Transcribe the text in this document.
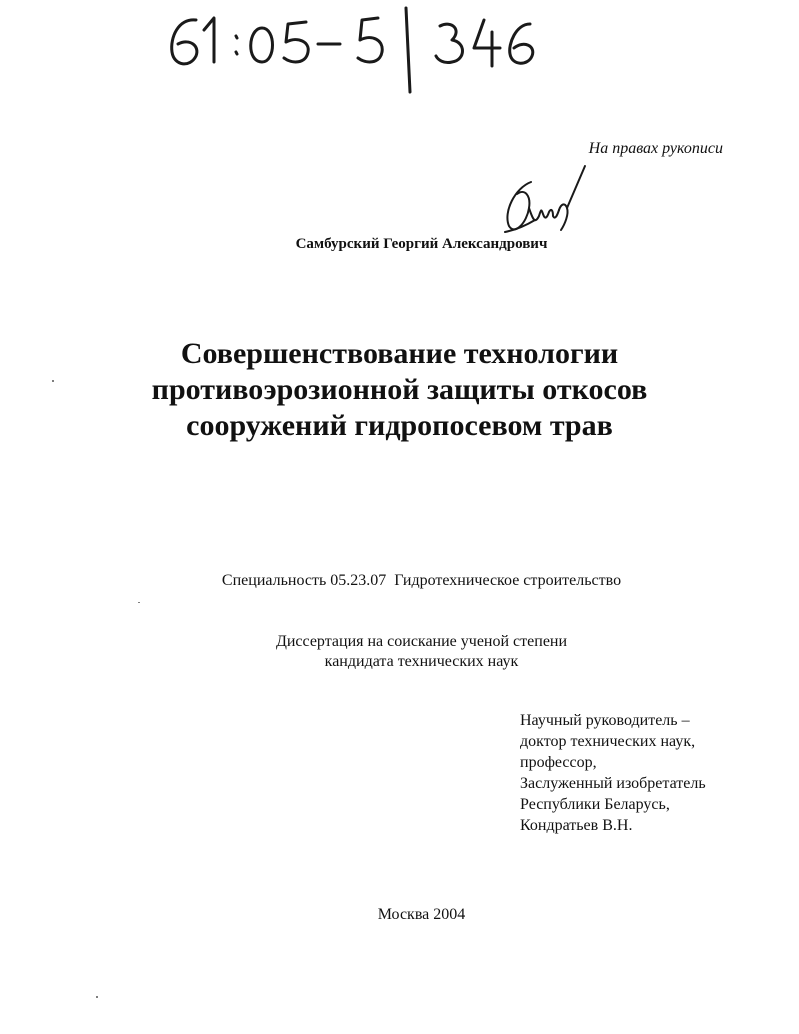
На правах рукописи
Самбурский Георгий Александрович
Совершенствование технологии
противоэрозионной защиты откосов
сооружений гидропосевом трав
Специальность 05.23.07  Гидротехническое строительство
Диссертация на соискание ученой степени
кандидата технических наук
Научный руководитель –
доктор технических наук,
профессор,
Заслуженный изобретатель
Республики Беларусь,
Кондратьев В.Н.
Москва 2004
